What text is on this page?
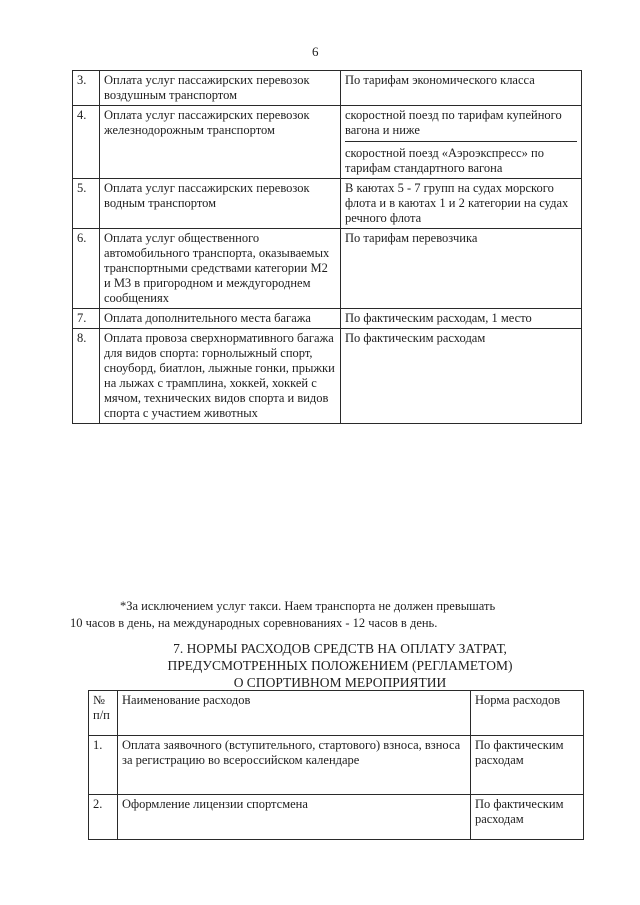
6
3.	Оплата услуг пассажирских перевозок воздушным транспортом	По тарифам экономического класса

4.	Оплата услуг пассажирских перевозок железнодорожным транспортом	скоростной поезд по тарифам купейного вагона и ниже
скоростной поезд «Аэроэкспресс» по тарифам стандартного вагона

5.	Оплата услуг пассажирских перевозок водным транспортом	В каютах 5 - 7 групп на судах морского флота и в каютах 1 и 2 категории на судах речного флота

6.	Оплата услуг общественного автомобильного транспорта, оказываемых транспортными средствами категории М2 и М3 в пригородном и междугороднем сообщениях	По тарифам перевозчика

7.	Оплата дополнительного места багажа	По фактическим расходам, 1 место

8.	Оплата провоза сверхнормативного багажа для видов спорта: горнолыжный спорт, сноуборд, биатлон, лыжные гонки, прыжки на лыжах с трамплина, хоккей, хоккей с мячом, технических видов спорта и видов спорта с участием животных	По фактическим расходам
*За исключением услуг такси. Наем транспорта не должен превышать
10 часов в день, на международных соревнованиях - 12 часов в день.
7. НОРМЫ РАСХОДОВ СРЕДСТВ НА ОПЛАТУ ЗАТРАТ,
ПРЕДУСМОТРЕННЫХ ПОЛОЖЕНИЕМ (РЕГЛАМЕТОМ)
О СПОРТИВНОМ МЕРОПРИЯТИИ
№ п/п	Наименование расходов	Норма расходов
1.	Оплата заявочного (вступительного, стартового) взноса, взноса за регистрацию во всероссийском календаре	По фактическим расходам
2.	Оформление лицензии спортсмена	По фактическим расходам
